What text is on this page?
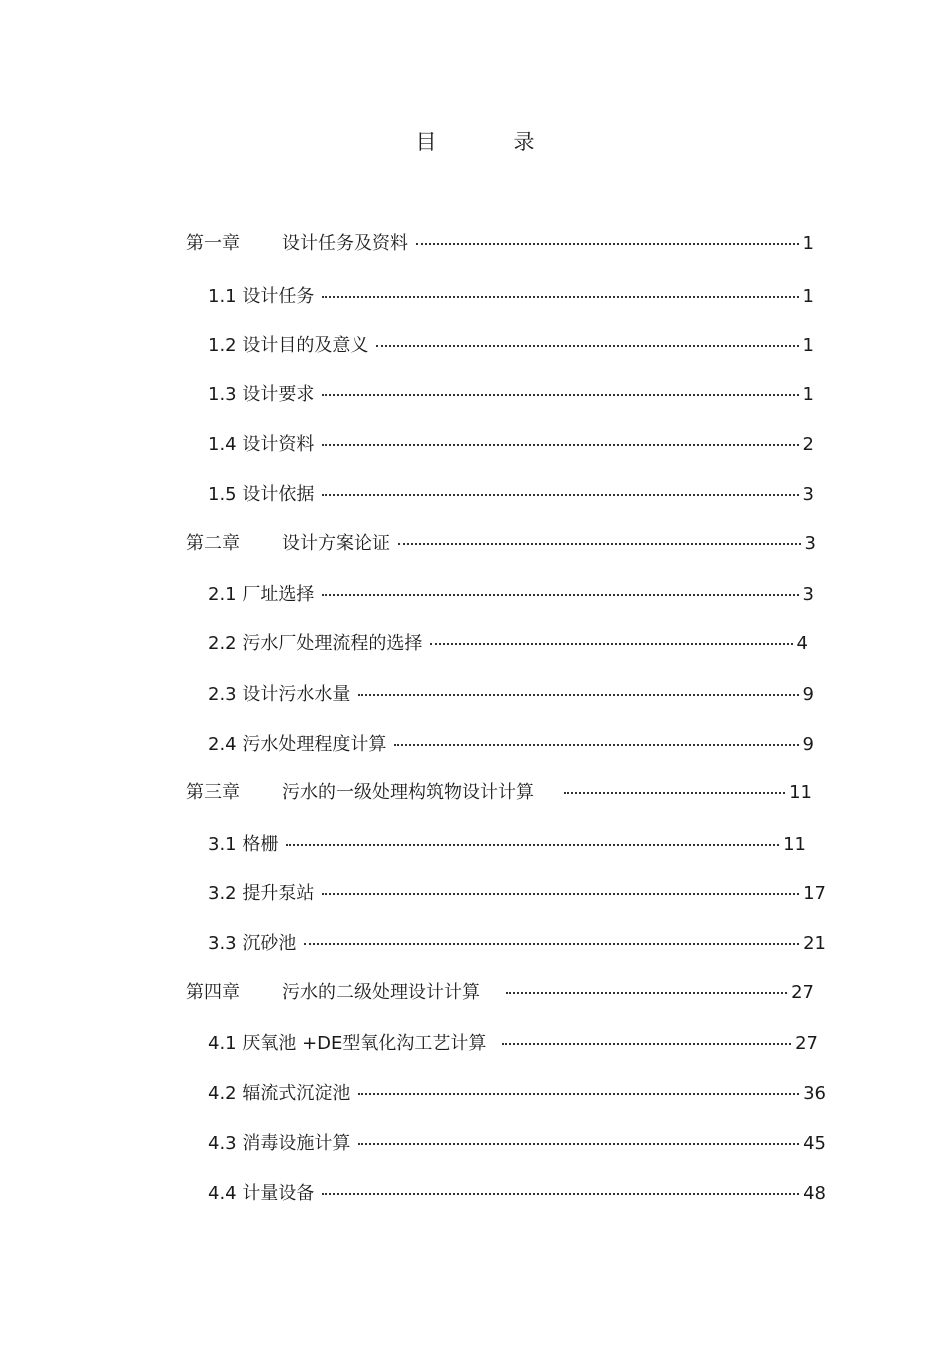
目　录
第一章	设计任务及资料	1
1.1 设计任务	1
1.2 设计目的及意义	1
1.3 设计要求	1
1.4 设计资料	2
1.5 设计依据	3
第二章	设计方案论证	3
2.1 厂址选择	3
2.2 污水厂处理流程的选择	4
2.3 设计污水水量	9
2.4 污水处理程度计算	9
第三章	污水的一级处理构筑物设计计算	11
3.1 格栅	11
3.2 提升泵站	17
3.3 沉砂池	21
第四章	污水的二级处理设计计算	27
4.1 厌氧池 +DE型氧化沟工艺计算	27
4.2 辐流式沉淀池	36
4.3 消毒设施计算	45
4.4 计量设备	48
